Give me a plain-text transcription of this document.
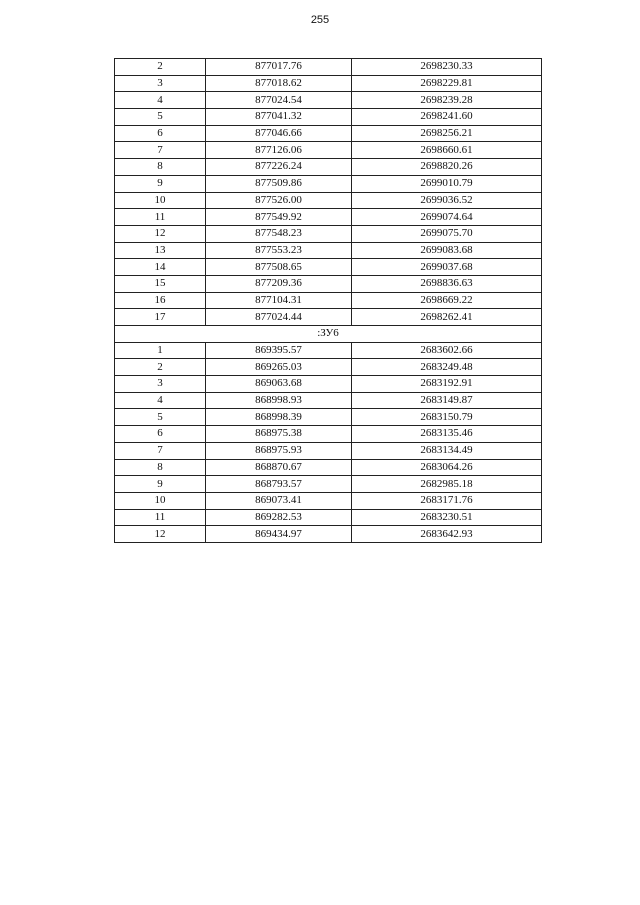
255
2	877017.76	2698230.33
3	877018.62	2698229.81
4	877024.54	2698239.28
5	877041.32	2698241.60
6	877046.66	2698256.21
7	877126.06	2698660.61
8	877226.24	2698820.26
9	877509.86	2699010.79
10	877526.00	2699036.52
11	877549.92	2699074.64
12	877548.23	2699075.70
13	877553.23	2699083.68
14	877508.65	2699037.68
15	877209.36	2698836.63
16	877104.31	2698669.22
17	877024.44	2698262.41
:ЗУ6		
1	869395.57	2683602.66
2	869265.03	2683249.48
3	869063.68	2683192.91
4	868998.93	2683149.87
5	868998.39	2683150.79
6	868975.38	2683135.46
7	868975.93	2683134.49
8	868870.67	2683064.26
9	868793.57	2682985.18
10	869073.41	2683171.76
11	869282.53	2683230.51
12	869434.97	2683642.93
